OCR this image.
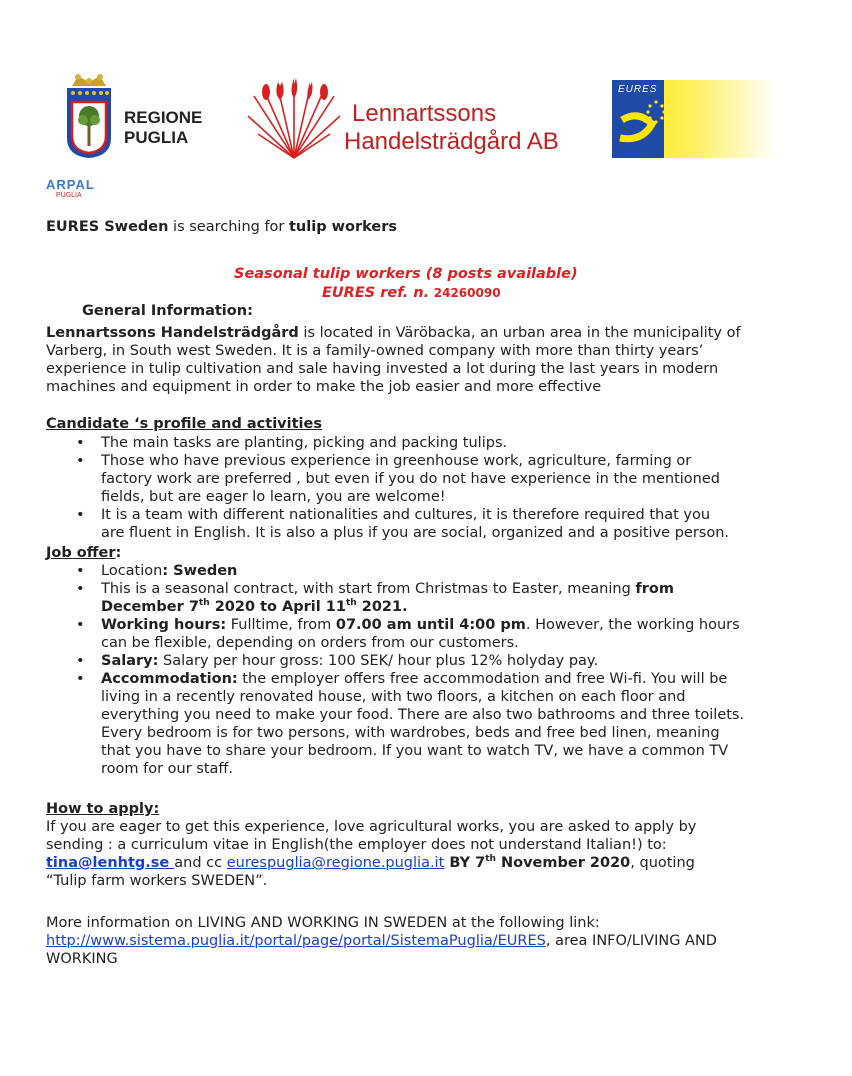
REGIONE
PUGLIA
Lennartssons
Handelsträdgård AB
EURES
ARPAL
PUGLIA
EURES Sweden is searching for tulip workers
Seasonal tulip workers (8 posts available)
EURES ref. n. 24260090
General Information:
Lennartssons Handelsträdgård is located in Väröbacka, an urban area in the municipality of
Varberg, in South west Sweden. It is a family-owned company with more than thirty years’
experience in tulip cultivation and sale having invested a lot during the last years in modern
machines and equipment in order to make the job easier and more effective
Candidate ‘s profile and activities
• The main tasks are planting, picking and packing tulips.
• Those who have previous experience in greenhouse work, agriculture, farming or
factory work are preferred , but even if you do not have experience in the mentioned
fields, but are eager lo learn, you are welcome!
• It is a team with different nationalities and cultures, it is therefore required that you
are fluent in English. It is also a plus if you are social, organized and a positive person.
Job offer:
• Location: Sweden
• This is a seasonal contract, with start from Christmas to Easter, meaning from
December 7th 2020 to April 11th 2021.
• Working hours: Fulltime, from 07.00 am until 4:00 pm. However, the working hours
can be flexible, depending on orders from our customers.
• Salary: Salary per hour gross: 100 SEK/ hour plus 12% holyday pay.
• Accommodation: the employer offers free accommodation and free Wi-fi. You will be
living in a recently renovated house, with two floors, a kitchen on each floor and
everything you need to make your food. There are also two bathrooms and three toilets.
Every bedroom is for two persons, with wardrobes, beds and free bed linen, meaning
that you have to share your bedroom. If you want to watch TV, we have a common TV
room for our staff.
How to apply:
If you are eager to get this experience, love agricultural works, you are asked to apply by
sending : a curriculum vitae in English(the employer does not understand Italian!) to:
tina@lenhtg.se and cc eurespuglia@regione.puglia.it BY 7th November 2020, quoting
“Tulip farm workers SWEDEN”.
More information on LIVING AND WORKING IN SWEDEN at the following link:
http://www.sistema.puglia.it/portal/page/portal/SistemaPuglia/EURES, area INFO/LIVING AND
WORKING
